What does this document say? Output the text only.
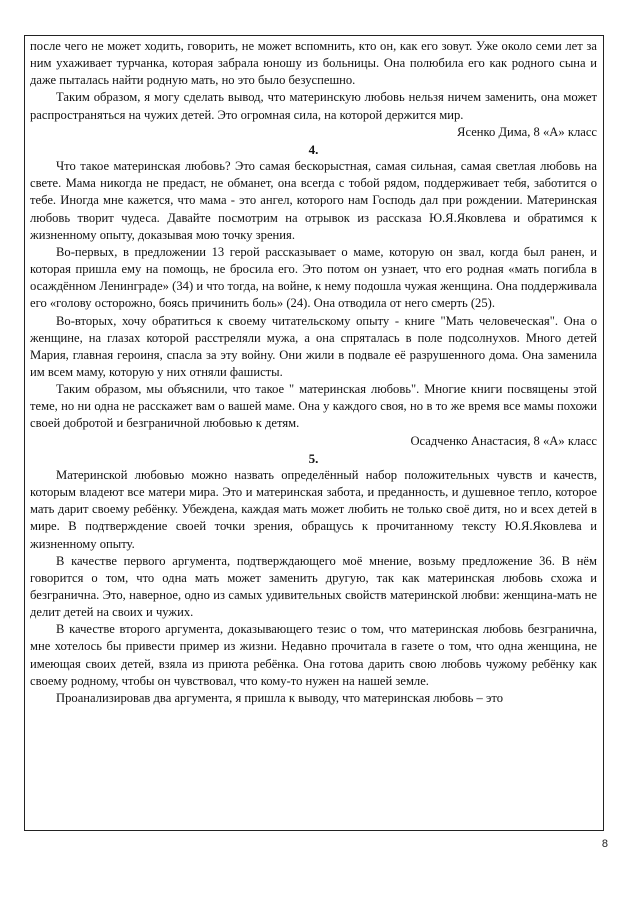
после чего не может ходить, говорить, не может вспомнить, кто он, как его зовут. Уже около семи лет за ним ухаживает турчанка, которая забрала юношу из больницы. Она полюбила его как родного сына и даже пыталась найти родную мать, но это было безуспешно.

Таким образом, я могу сделать вывод, что материнскую любовь нельзя ничем заменить, она может распространяться на чужих детей. Это огромная сила, на которой держится мир.

Ясенко Дима, 8 «А» класс

4.

Что такое материнская любовь? Это самая бескорыстная, самая сильная, самая светлая любовь на свете. Мама никогда не предаст, не обманет, она всегда с тобой рядом, поддерживает тебя, заботится о тебе. Иногда мне кажется, что мама - это ангел, которого нам Господь дал при рождении. Материнская любовь творит чудеса. Давайте посмотрим на отрывок из рассказа Ю.Я.Яковлева и обратимся к жизненному опыту, доказывая мою точку зрения.

Во-первых, в предложении 13 герой рассказывает о маме, которую он звал, когда был ранен, и которая пришла ему на помощь, не бросила его. Это потом он узнает, что его родная «мать погибла в осаждённом Ленинграде» (34) и что тогда, на войне, к нему подошла чужая женщина. Она поддерживала его «голову осторожно, боясь причинить боль» (24). Она отводила от него смерть (25).

Во-вторых, хочу обратиться к своему читательскому опыту - книге "Мать человеческая". Она о женщине, на глазах которой расстреляли мужа, а она спряталась в поле подсолнухов. Много детей Мария, главная героиня, спасла за эту войну. Они жили в подвале её разрушенного дома. Она заменила им всем маму, которую у них отняли фашисты.

Таким образом, мы объяснили, что такое " материнская любовь". Многие книги посвящены этой теме, но ни одна не расскажет вам о вашей маме. Она у каждого своя, но в то же время все мамы похожи своей добротой и безграничной любовью к детям.

Осадченко Анастасия, 8 «А» класс

5.

Материнской любовью можно назвать определённый набор положительных чувств и качеств, которым владеют все матери мира. Это и материнская забота, и преданность, и душевное тепло, которое мать дарит своему ребёнку. Убеждена, каждая мать может любить не только своё дитя, но и всех детей в мире. В подтверждение своей точки зрения, обращусь к прочитанному тексту Ю.Я.Яковлева и жизненному опыту.

В качестве первого аргумента, подтверждающего моё мнение, возьму предложение 36. В нём говорится о том, что одна мать может заменить другую, так как материнская любовь схожа и безгранична. Это, наверное, одно из самых удивительных свойств материнской любви: женщина-мать не делит детей на своих и чужих.

В качестве второго аргумента, доказывающего тезис о том, что материнская любовь безгранична, мне хотелось бы привести пример из жизни. Недавно прочитала в газете о том, что одна женщина, не имеющая своих детей, взяла из приюта ребёнка. Она готова дарить свою любовь чужому ребёнку как своему родному, чтобы он чувствовал, что кому-то нужен на нашей земле.

Проанализировав два аргумента, я пришла к выводу, что материнская любовь – это

8
